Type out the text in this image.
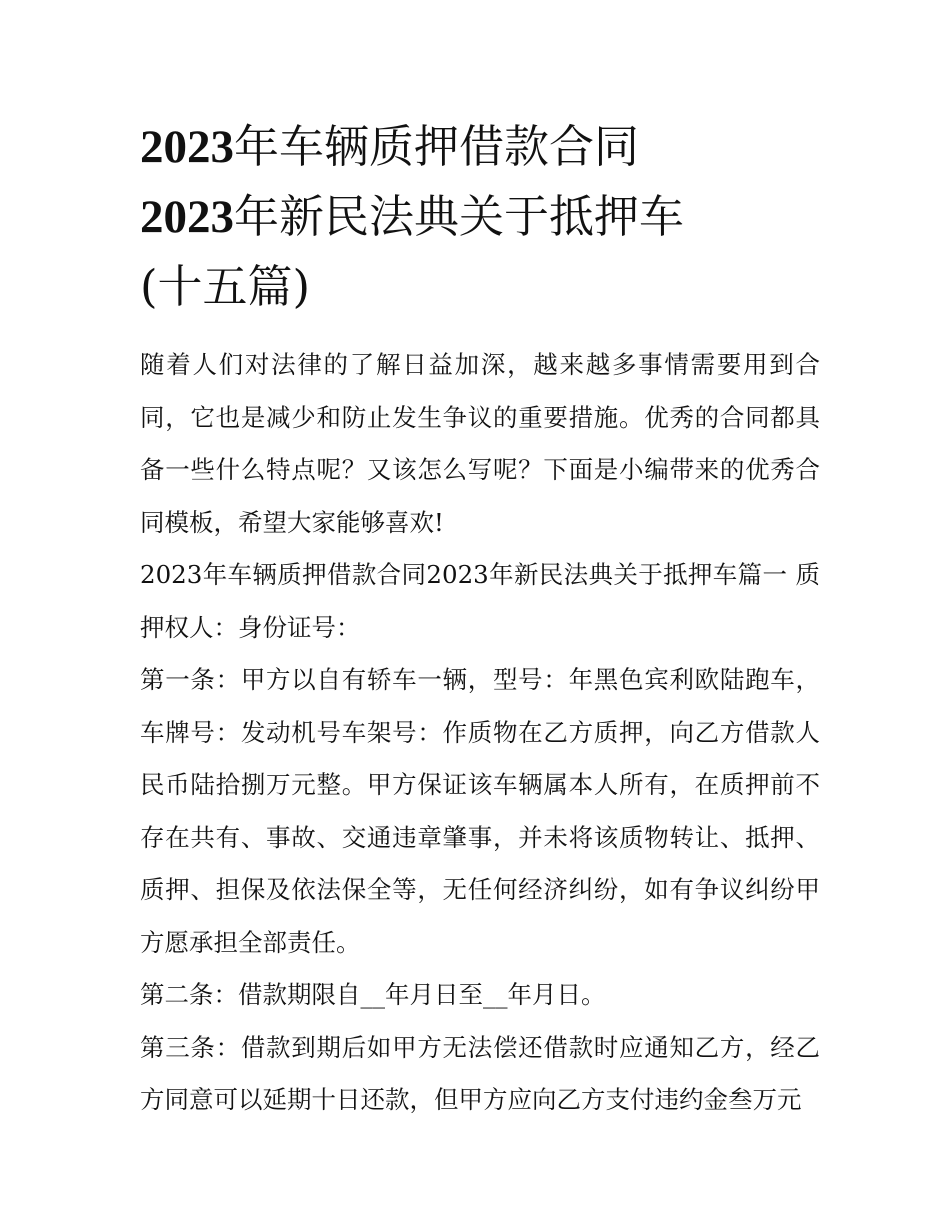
2023年车辆质押借款合同
2023年新民法典关于抵押车
(十五篇)

随着人们对法律的了解日益加深，越来越多事情需要用到合同，它也是减少和防止发生争议的重要措施。优秀的合同都具备一些什么特点呢？又该怎么写呢？下面是小编带来的优秀合同模板，希望大家能够喜欢!

2023年车辆质押借款合同2023年新民法典关于抵押车篇一 质押权人：身份证号：

第一条：甲方以自有轿车一辆，型号：年黑色宾利欧陆跑车，车牌号：发动机号车架号：作质物在乙方质押，向乙方借款人民币陆拾捌万元整。甲方保证该车辆属本人所有，在质押前不存在共有、事故、交通违章肇事，并未将该质物转让、抵押、质押、担保及依法保全等，无任何经济纠纷，如有争议纠纷甲方愿承担全部责任。

第二条：借款期限自__年月日至__年月日。

第三条：借款到期后如甲方无法偿还借款时应通知乙方，经乙方同意可以延期十日还款，但甲方应向乙方支付违约金叁万元
